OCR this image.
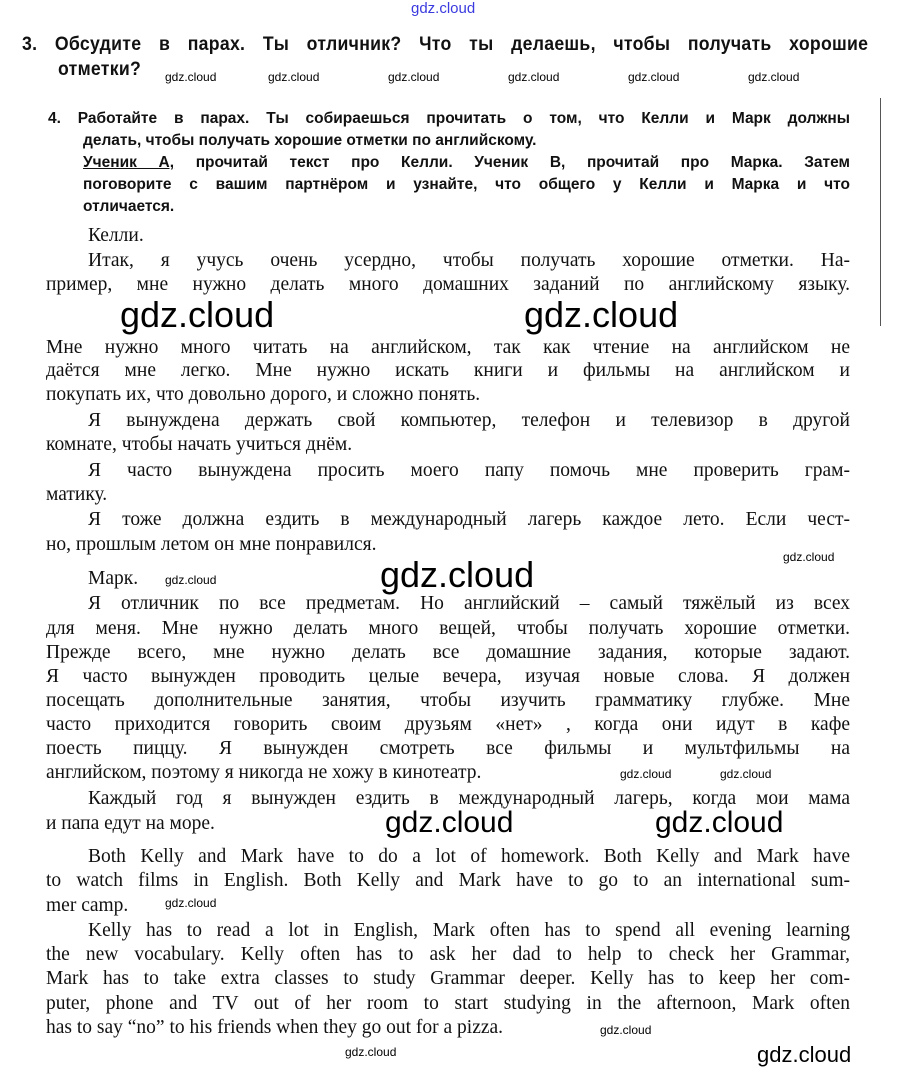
gdz.cloud
gdz.cloud	gdz.cloud	gdz.cloud	gdz.cloud	gdz.cloud	gdz.cloud
gdz.cloud	gdz.cloud
gdz.cloud	gdz.cloud
gdz.cloud
gdz.cloud	gdz.cloud
gdz.cloud	gdz.cloud
gdz.cloud
gdz.cloud
gdz.cloud
gdz.cloud
3. Обсудите в парах. Ты отличник? Что ты делаешь, чтобы получать хорошие
отметки?
4. Работайте в парах. Ты собираешься прочитать о том, что Келли и Марк должны
делать, чтобы получать хорошие отметки по английскому.
Ученик А, прочитай текст про Келли. Ученик В, прочитай про Марка. Затем
поговорите с вашим партнёром и узнайте, что общего у Келли и Марка и что
отличается.
Келли.
Итак, я учусь очень усердно, чтобы получать хорошие отметки. На-
пример, мне нужно делать много домашних заданий по английскому языку.
Мне нужно много читать на английском, так как чтение на английском не
даётся мне легко. Мне нужно искать книги и фильмы на английском и
покупать их, что довольно дорого, и сложно понять.
Я вынуждена держать свой компьютер, телефон и телевизор в другой
комнате, чтобы начать учиться днём.
Я часто вынуждена просить моего папу помочь мне проверить грам-
матику.
Я тоже должна ездить в международный лагерь каждое лето. Если чест-
но, прошлым летом он мне понравился.
Марк.
Я отличник по все предметам. Но английский – самый тяжёлый из всех
для меня. Мне нужно делать много вещей, чтобы получать хорошие отметки.
Прежде всего, мне нужно делать все домашние задания, которые задают.
Я часто вынужден проводить целые вечера, изучая новые слова. Я должен
посещать дополнительные занятия, чтобы изучить грамматику глубже. Мне
часто приходится говорить своим друзьям «нет» , когда они идут в кафе
поесть пиццу. Я вынужден смотреть все фильмы и мультфильмы на
английском, поэтому я никогда не хожу в кинотеатр.
Каждый год я вынужден ездить в международный лагерь, когда мои мама
и папа едут на море.
Both Kelly and Mark have to do a lot of homework. Both Kelly and Mark have
to watch films in English. Both Kelly and Mark have to go to an international sum-
mer camp.
Kelly has to read a lot in English, Mark often has to spend all evening learning
the new vocabulary. Kelly often has to ask her dad to help to check her Grammar,
Mark has to take extra classes to study Grammar deeper. Kelly has to keep her com-
puter, phone and TV out of her room to start studying in the afternoon, Mark often
has to say “no” to his friends when they go out for a pizza.
